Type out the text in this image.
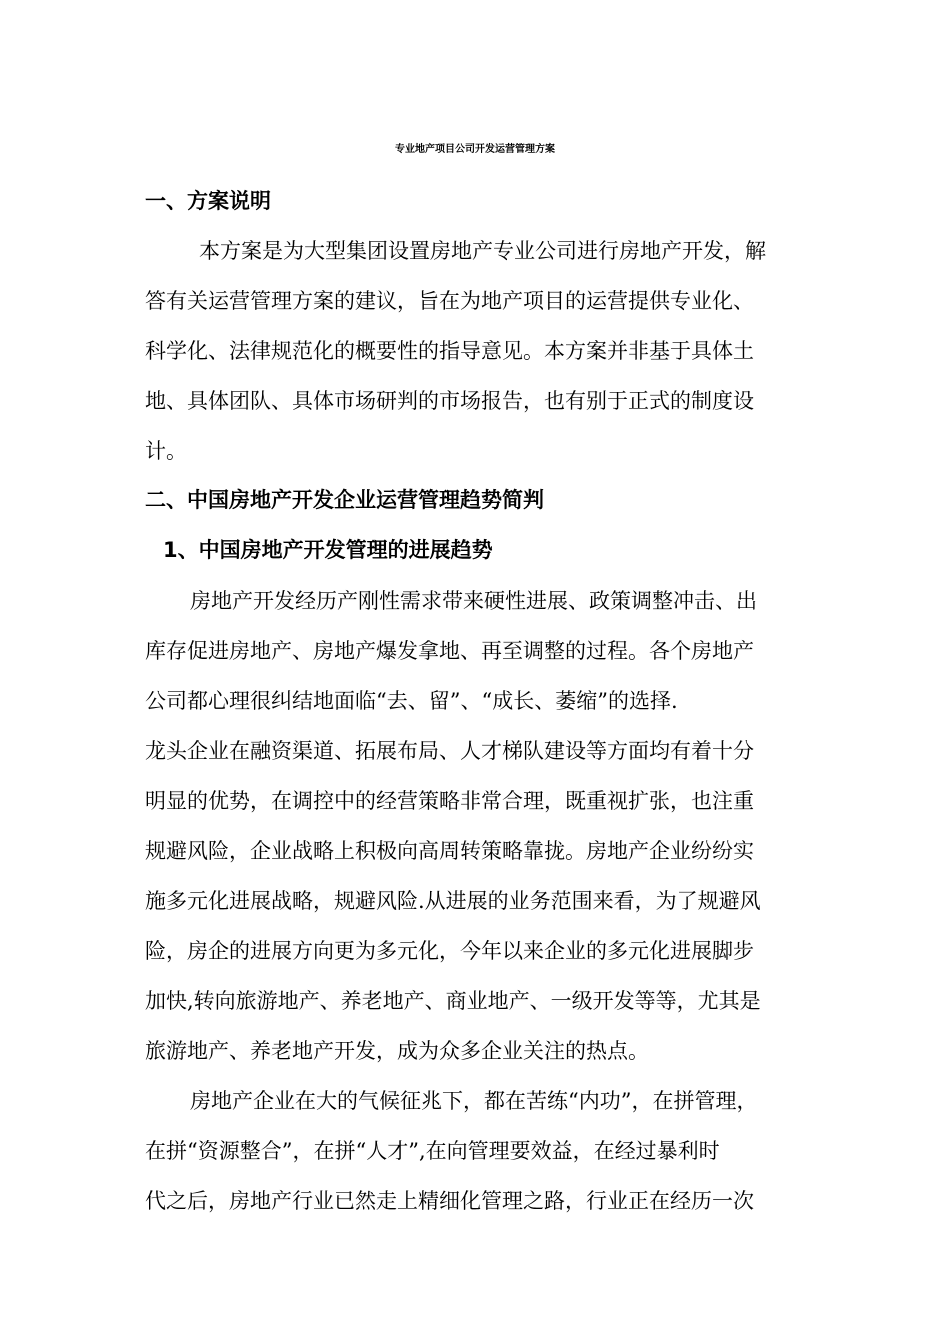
专业地产项目公司开发运营管理方案
一、方案说明
本方案是为大型集团设置房地产专业公司进行房地产开发，解
答有关运营管理方案的建议，旨在为地产项目的运营提供专业化、
科学化、法律规范化的概要性的指导意见。本方案并非基于具体土
地、具体团队、具体市场研判的市场报告，也有别于正式的制度设
计。
二、中国房地产开发企业运营管理趋势简判
1、中国房地产开发管理的进展趋势
房地产开发经历产刚性需求带来硬性进展、政策调整冲击、出
库存促进房地产、房地产爆发拿地、再至调整的过程。各个房地产
公司都心理很纠结地面临“去、留”、“成长、萎缩”的选择.
龙头企业在融资渠道、拓展布局、人才梯队建设等方面均有着十分
明显的优势，在调控中的经营策略非常合理，既重视扩张，也注重
规避风险，企业战略上积极向高周转策略靠拢。房地产企业纷纷实
施多元化进展战略，规避风险.从进展的业务范围来看，为了规避风
险，房企的进展方向更为多元化，今年以来企业的多元化进展脚步
加快,转向旅游地产、养老地产、商业地产、一级开发等等，尤其是
旅游地产、养老地产开发，成为众多企业关注的热点。
房地产企业在大的气候征兆下，都在苦练“内功”，在拼管理，
在拼“资源整合”，在拼“人才”,在向管理要效益，在经过暴利时
代之后，房地产行业已然走上精细化管理之路，行业正在经历一次
